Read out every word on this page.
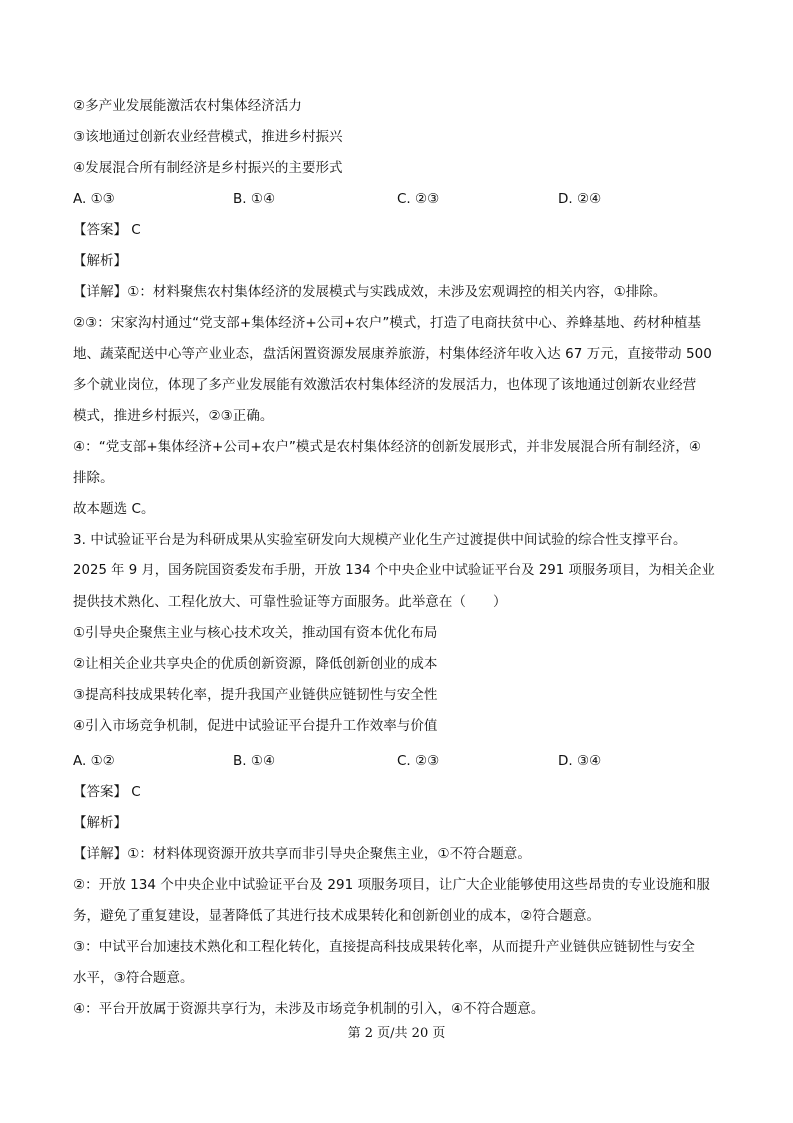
②多产业发展能激活农村集体经济活力
③该地通过创新农业经营模式，推进乡村振兴
④发展混合所有制经济是乡村振兴的主要形式
A. ①③	B. ①④	C. ②③	D. ②④
【答案】 C
【解析】
【详解】①：材料聚焦农村集体经济的发展模式与实践成效，未涉及宏观调控的相关内容，①排除。
②③：宋家沟村通过“党支部+集体经济+公司+农户”模式，打造了电商扶贫中心、养蜂基地、药材种植基
地、蔬菜配送中心等产业业态，盘活闲置资源发展康养旅游，村集体经济年收入达 67 万元，直接带动 500
多个就业岗位，体现了多产业发展能有效激活农村集体经济的发展活力，也体现了该地通过创新农业经营
模式，推进乡村振兴，②③正确。
④：“党支部+集体经济+公司+农户”模式是农村集体经济的创新发展形式，并非发展混合所有制经济，④
排除。
故本题选 C。
3. 中试验证平台是为科研成果从实验室研发向大规模产业化生产过渡提供中间试验的综合性支撑平台。
2025 年 9 月，国务院国资委发布手册，开放 134 个中央企业中试验证平台及 291 项服务项目，为相关企业
提供技术熟化、工程化放大、可靠性验证等方面服务。此举意在（　　）
①引导央企聚焦主业与核心技术攻关，推动国有资本优化布局
②让相关企业共享央企的优质创新资源，降低创新创业的成本
③提高科技成果转化率，提升我国产业链供应链韧性与安全性
④引入市场竞争机制，促进中试验证平台提升工作效率与价值
A. ①②	B. ①④	C. ②③	D. ③④
【答案】 C
【解析】
【详解】①：材料体现资源开放共享而非引导央企聚焦主业，①不符合题意。
②：开放 134 个中央企业中试验证平台及 291 项服务项目，让广大企业能够使用这些昂贵的专业设施和服
务，避免了重复建设，显著降低了其进行技术成果转化和创新创业的成本，②符合题意。
③：中试平台加速技术熟化和工程化转化，直接提高科技成果转化率，从而提升产业链供应链韧性与安全
水平，③符合题意。
④：平台开放属于资源共享行为，未涉及市场竞争机制的引入，④不符合题意。
第 2 页/共 20 页
